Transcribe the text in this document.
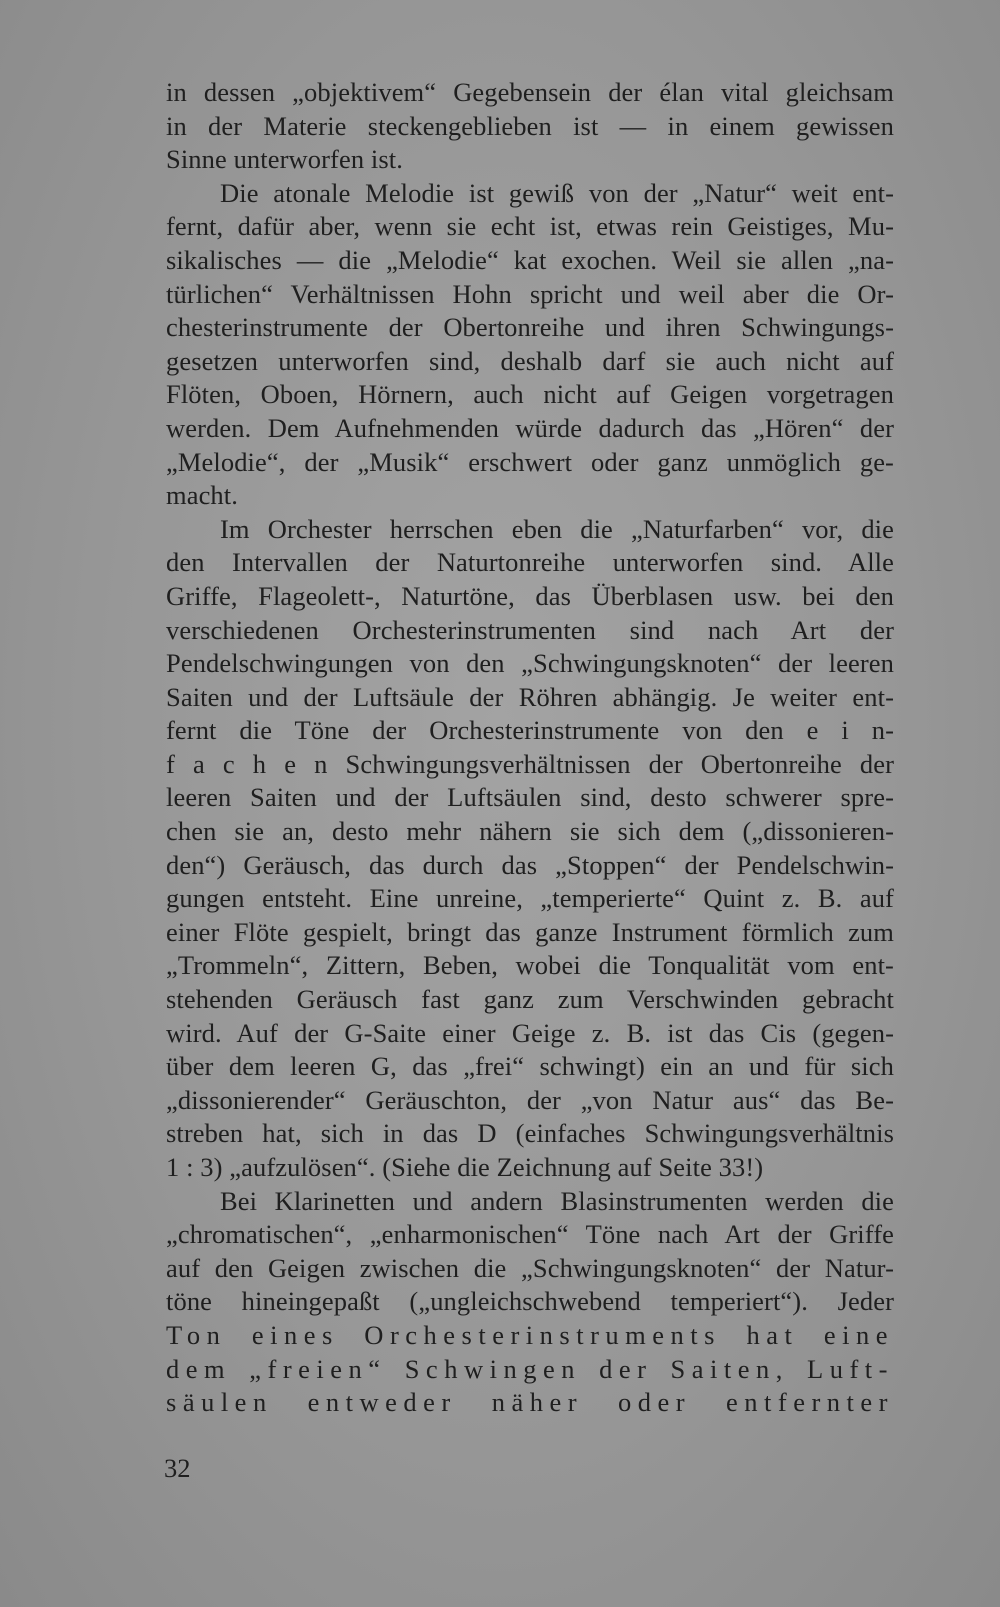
in dessen „objektivem“ Gegebensein der élan vital gleichsam
in der Materie steckengeblieben ist — in einem gewissen
Sinne unterworfen ist.
Die atonale Melodie ist gewiß von der „Natur“ weit ent-
fernt, dafür aber, wenn sie echt ist, etwas rein Geistiges, Mu-
sikalisches — die „Melodie“ kat exochen. Weil sie allen „na-
türlichen“ Verhältnissen Hohn spricht und weil aber die Or-
chesterinstrumente der Obertonreihe und ihren Schwingungs-
gesetzen unterworfen sind, deshalb darf sie auch nicht auf
Flöten, Oboen, Hörnern, auch nicht auf Geigen vorgetragen
werden. Dem Aufnehmenden würde dadurch das „Hören“ der
„Melodie“, der „Musik“ erschwert oder ganz unmöglich ge-
macht.
Im Orchester herrschen eben die „Naturfarben“ vor, die
den Intervallen der Naturtonreihe unterworfen sind. Alle
Griffe, Flageolett-, Naturtöne, das Überblasen usw. bei den
verschiedenen Orchesterinstrumenten sind nach Art der
Pendelschwingungen von den „Schwingungsknoten“ der leeren
Saiten und der Luftsäule der Röhren abhängig. Je weiter ent-
fernt die Töne der Orchesterinstrumente von den e i n-
f a c h e n Schwingungsverhältnissen der Obertonreihe der
leeren Saiten und der Luftsäulen sind, desto schwerer spre-
chen sie an, desto mehr nähern sie sich dem („dissonieren-
den“) Geräusch, das durch das „Stoppen“ der Pendelschwin-
gungen entsteht. Eine unreine, „temperierte“ Quint z. B. auf
einer Flöte gespielt, bringt das ganze Instrument förmlich zum
„Trommeln“, Zittern, Beben, wobei die Tonqualität vom ent-
stehenden Geräusch fast ganz zum Verschwinden gebracht
wird. Auf der G-Saite einer Geige z. B. ist das Cis (gegen-
über dem leeren G, das „frei“ schwingt) ein an und für sich
„dissonierender“ Geräuschton, der „von Natur aus“ das Be-
streben hat, sich in das D (einfaches Schwingungsverhältnis
1 : 3) „aufzulösen“. (Siehe die Zeichnung auf Seite 33!)
Bei Klarinetten und andern Blasinstrumenten werden die
„chromatischen“, „enharmonischen“ Töne nach Art der Griffe
auf den Geigen zwischen die „Schwingungsknoten“ der Natur-
töne hineingepaßt („ungleichschwebend temperiert“). Jeder
Ton eines Orchesterinstruments hat eine
dem „freien“ Schwingen der Saiten, Luft-
säulen entweder näher oder entfernter
32
